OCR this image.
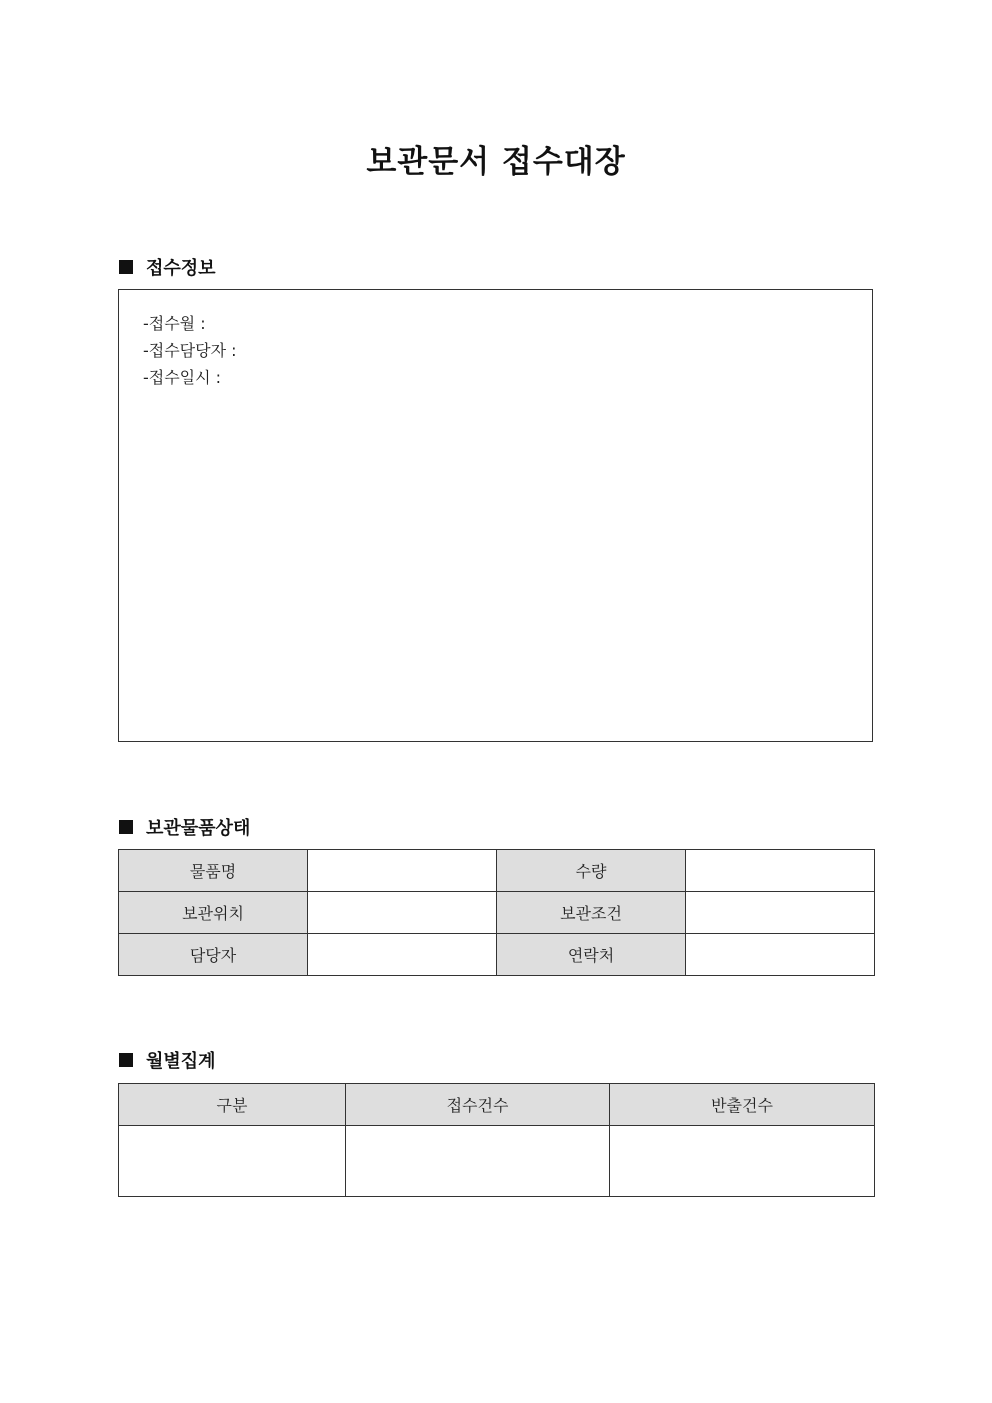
보관문서 접수대장
접수정보
-접수월 :
-접수담당자 :
-접수일시 :
보관물품상태
물품명		수량	
보관위치		보관조건	
담당자		연락처	
월별집계
구분	접수건수	반출건수
